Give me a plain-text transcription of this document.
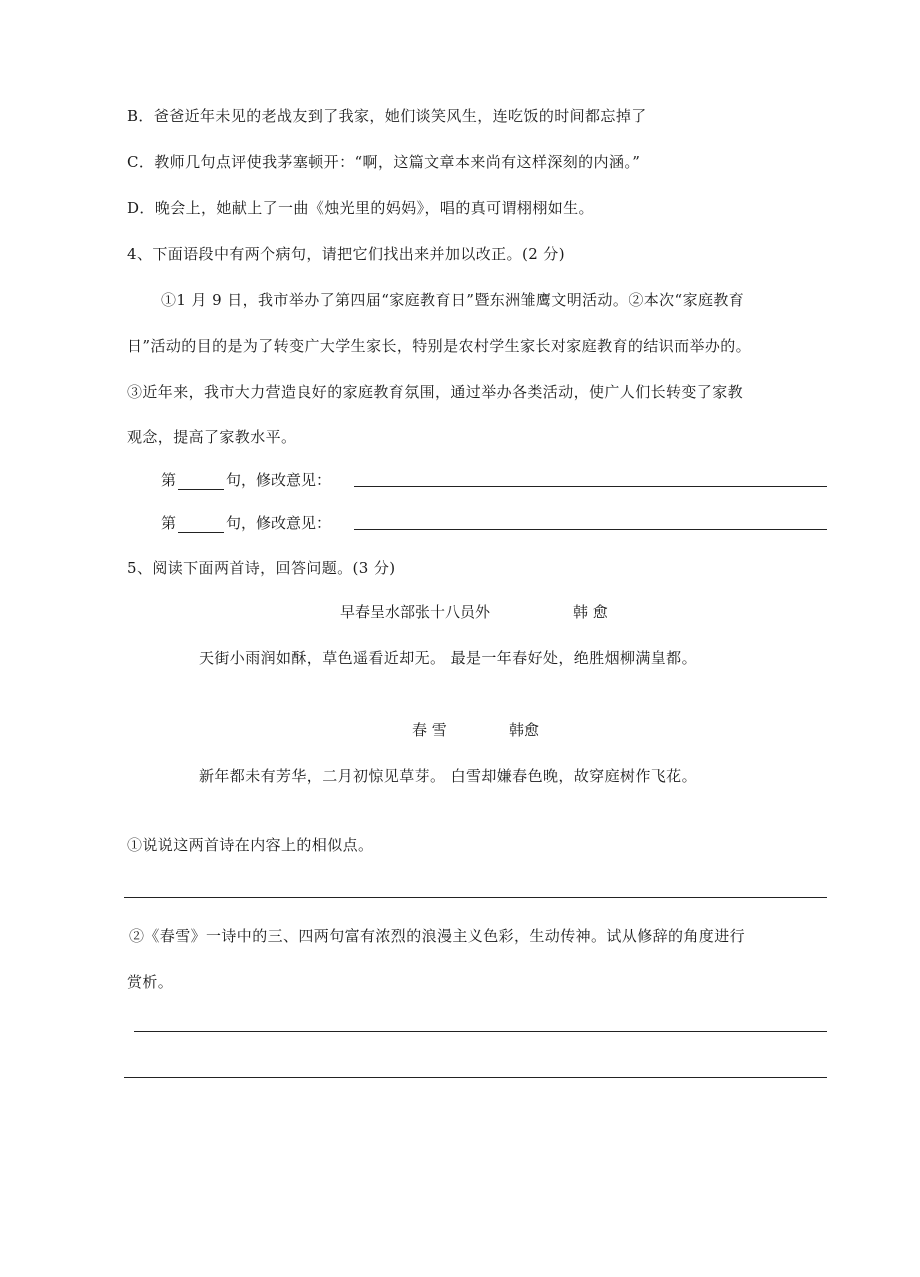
B．爸爸近年未见的老战友到了我家，她们谈笑风生，连吃饭的时间都忘掉了
C．教师几句点评使我茅塞顿开：“啊，这篇文章本来尚有这样深刻的内涵。”
D．晚会上，她献上了一曲《烛光里的妈妈》，唱的真可谓栩栩如生。
4、下面语段中有两个病句，请把它们找出来并加以改正。(2 分)
①1 月 9 日，我市举办了第四届“家庭教育日”暨东洲雏鹰文明活动。②本次“家庭教育
日”活动的目的是为了转变广大学生家长，特别是农村学生家长对家庭教育的结识而举办的。
③近年来，我市大力营造良好的家庭教育氛围，通过举办各类活动，使广人们长转变了家教
观念，提高了家教水平。
第	句，修改意见：
第	句，修改意见：
5、阅读下面两首诗，回答问题。(3 分)
早春呈水部张十八员外	韩 愈
天街小雨润如酥，草色遥看近却无。 最是一年春好处，绝胜烟柳满皇都。
春 雪	韩愈
新年都未有芳华，二月初惊见草芽。 白雪却嫌春色晚，故穿庭树作飞花。
①说说这两首诗在内容上的相似点。
②《春雪》一诗中的三、四两句富有浓烈的浪漫主义色彩，生动传神。试从修辞的角度进行
赏析。
